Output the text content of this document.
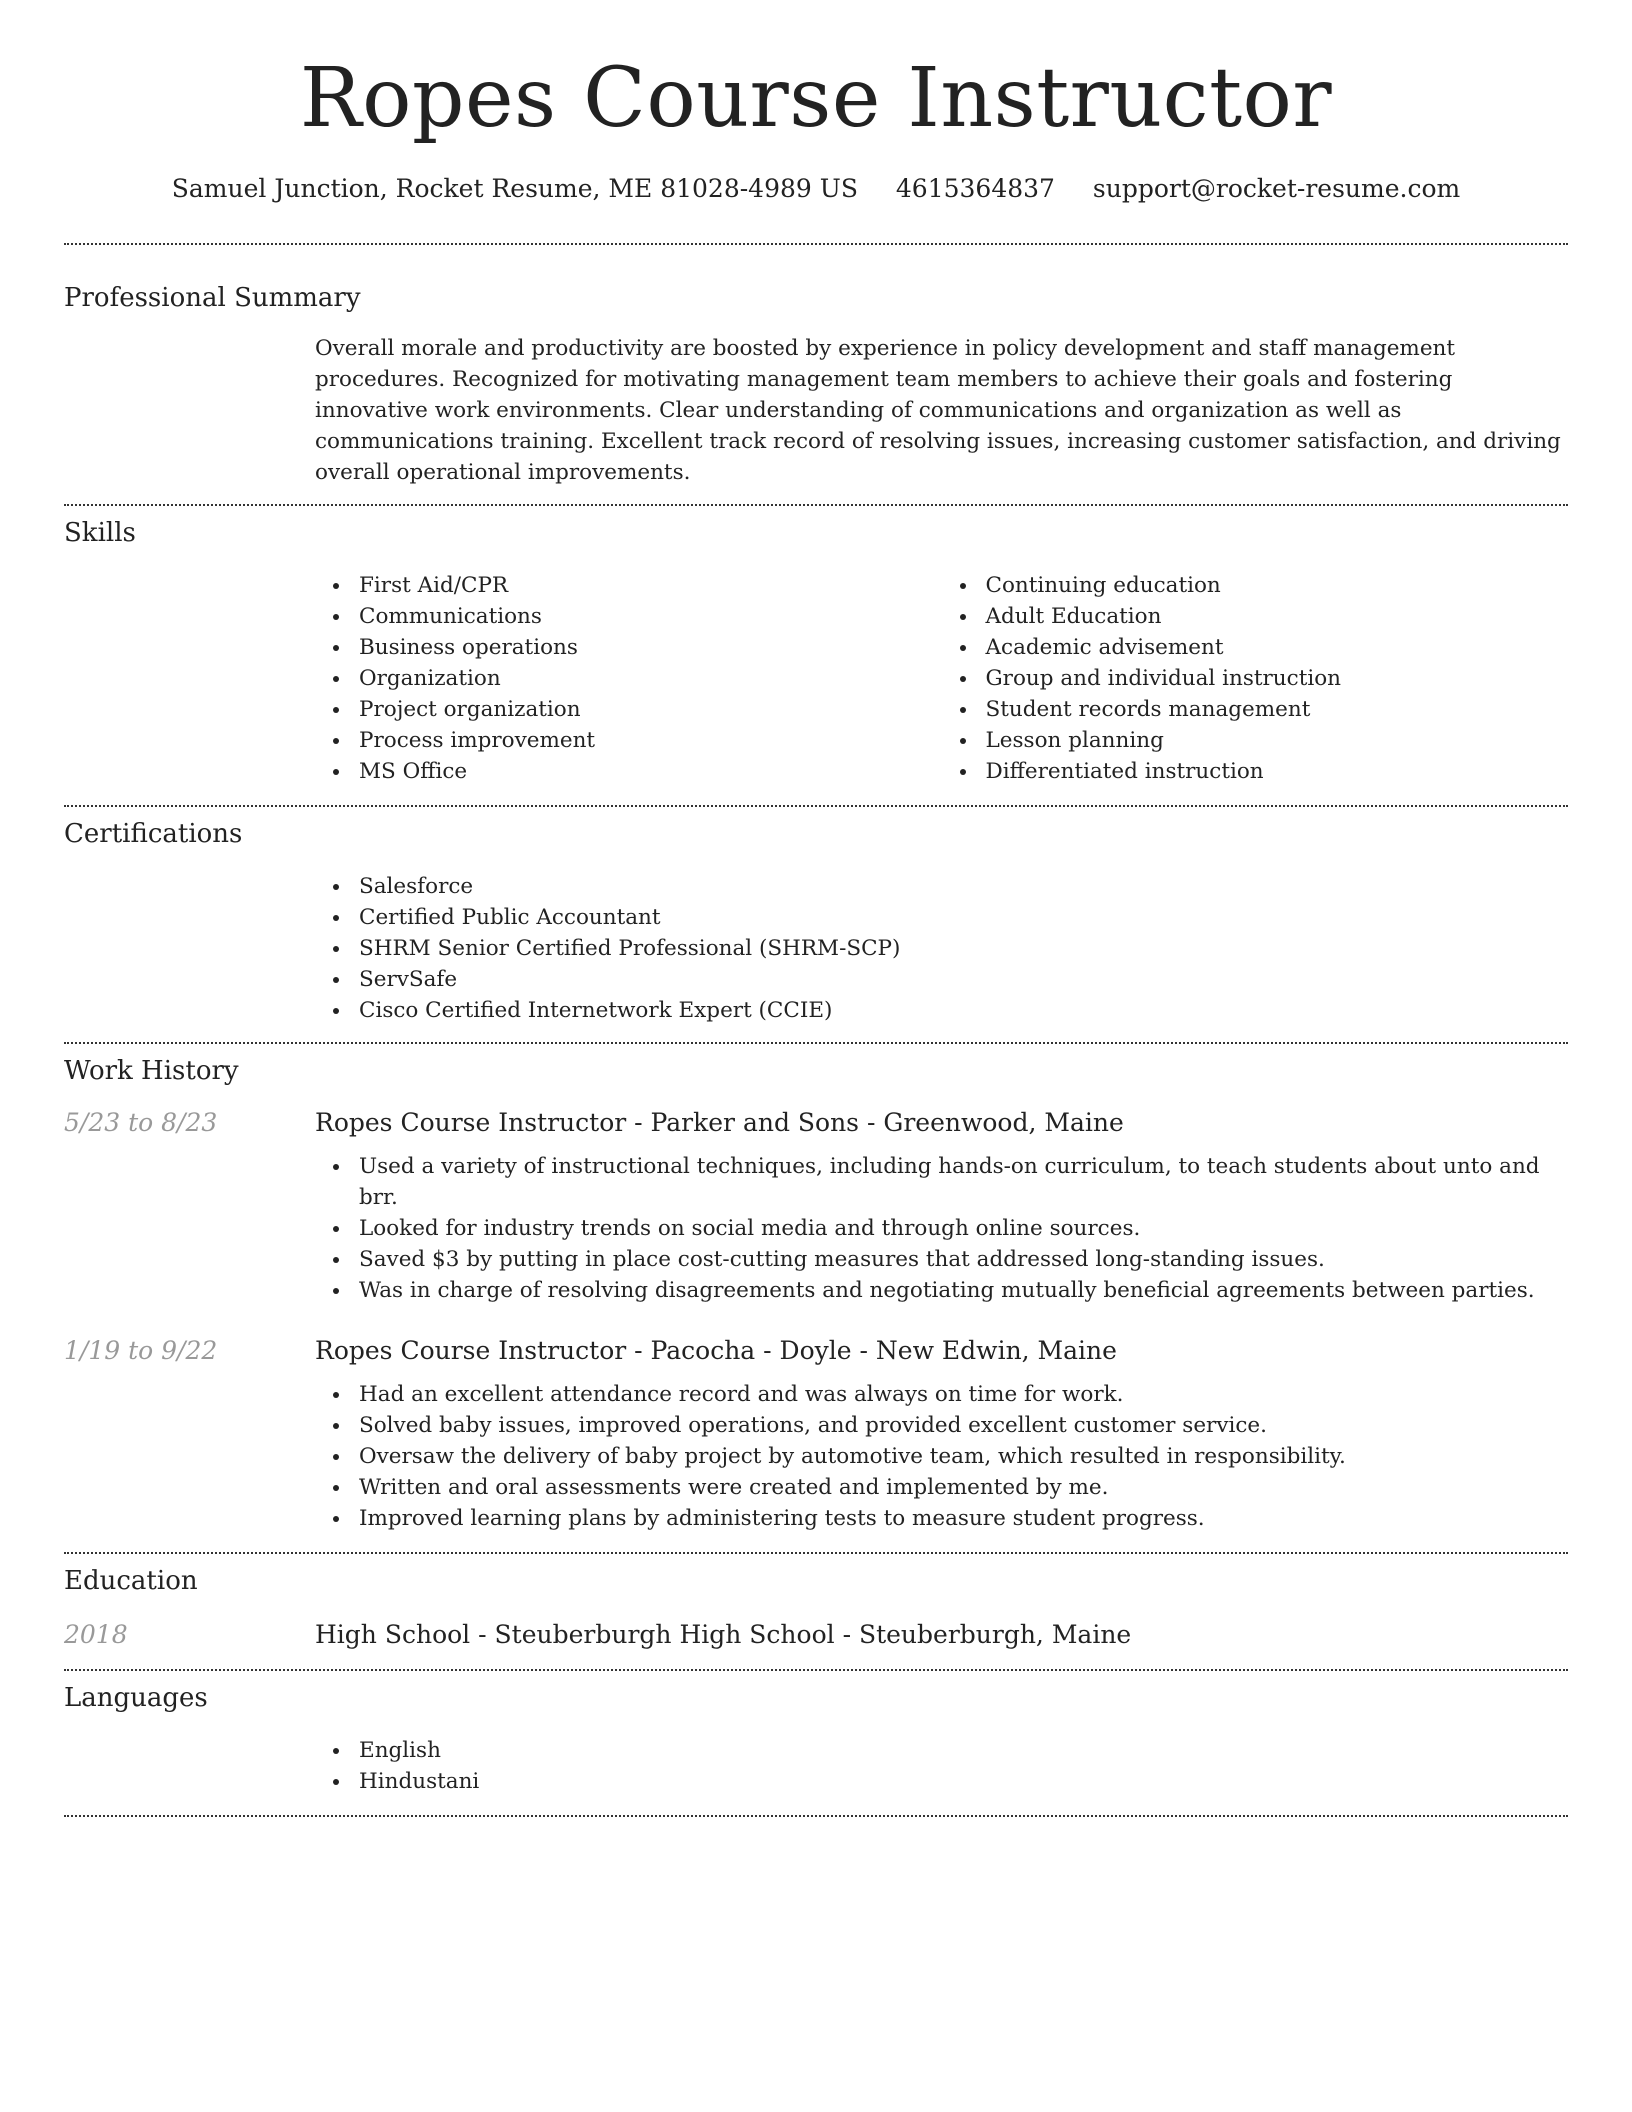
Ropes Course Instructor
Samuel Junction, Rocket Resume, ME 81028-4989 US 4615364837 support@rocket-resume.com
Professional Summary

Overall morale and productivity are boosted by experience in policy development and staff management procedures. Recognized for motivating management team members to achieve their goals and fostering innovative work environments. Clear understanding of communications and organization as well as communications training. Excellent track record of resolving issues, increasing customer satisfaction, and driving overall operational improvements.

Skills
First Aid/CPR
Communications
Business operations
Organization
Project organization
Process improvement
MS Office
Continuing education
Adult Education
Academic advisement
Group and individual instruction
Student records management
Lesson planning
Differentiated instruction
Certifications
Salesforce
Certified Public Accountant
SHRM Senior Certified Professional (SHRM-SCP)
ServSafe
Cisco Certified Internetwork Expert (CCIE)
Work History
5/23 to 8/23	Ropes Course Instructor - Parker and Sons - Greenwood, Maine
Used a variety of instructional techniques, including hands-on curriculum, to teach students about unto and brr.
Looked for industry trends on social media and through online sources.
Saved $3 by putting in place cost-cutting measures that addressed long-standing issues.
Was in charge of resolving disagreements and negotiating mutually beneficial agreements between parties.
1/19 to 9/22	Ropes Course Instructor - Pacocha - Doyle - New Edwin, Maine
Had an excellent attendance record and was always on time for work.
Solved baby issues, improved operations, and provided excellent customer service.
Oversaw the delivery of baby project by automotive team, which resulted in responsibility.
Written and oral assessments were created and implemented by me.
Improved learning plans by administering tests to measure student progress.
Education
2018	High School - Steuberburgh High School - Steuberburgh, Maine
Languages
English
Hindustani
